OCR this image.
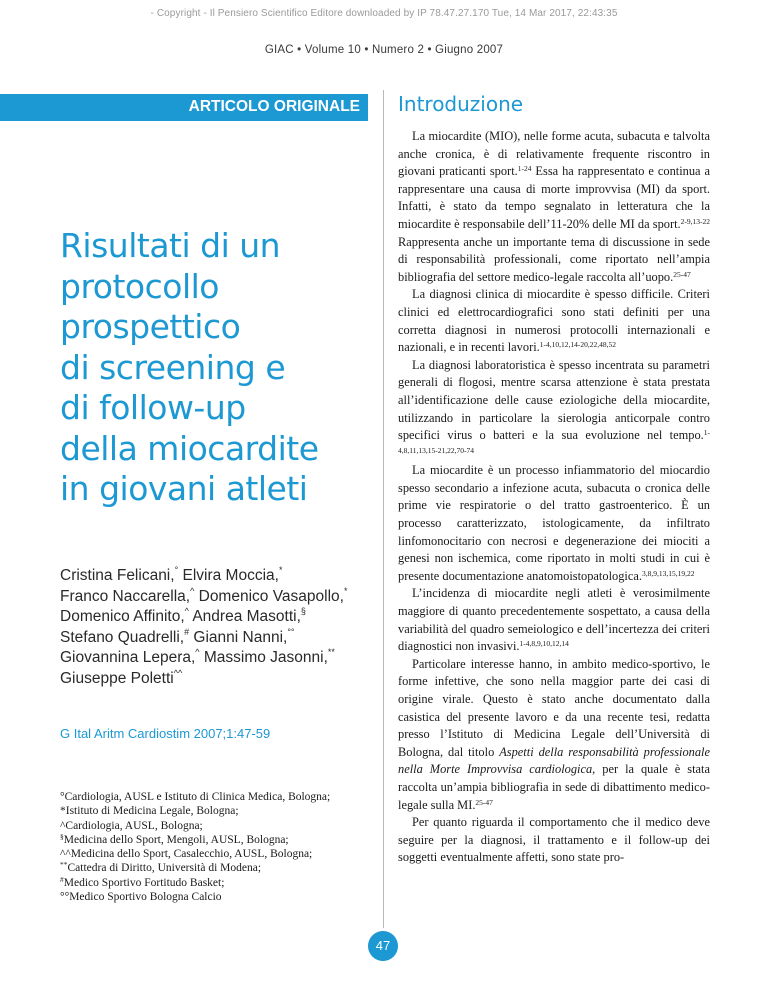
- Copyright - Il Pensiero Scientifico Editore downloaded by IP 78.47.27.170 Tue, 14 Mar 2017, 22:43:35
GIAC • Volume 10 • Numero 2 • Giugno 2007
ARTICOLO ORIGINALE
Risultati di un
protocollo
prospettico
di screening e
di follow-up
della miocardite
in giovani atleti
Cristina Felicani,° Elvira Moccia,*
Franco Naccarella,^ Domenico Vasapollo,*
Domenico Affinito,^ Andrea Masotti,§
Stefano Quadrelli,# Gianni Nanni,°°
Giovannina Lepera,^ Massimo Jasonni,**
Giuseppe Poletti^^
G Ital Aritm Cardiostim 2007;1:47-59
°Cardiologia, AUSL e Istituto di Clinica Medica, Bologna;
*Istituto di Medicina Legale, Bologna;
^Cardiologia, AUSL, Bologna;
§Medicina dello Sport, Mengoli, AUSL, Bologna;
^^Medicina dello Sport, Casalecchio, AUSL, Bologna;
**Cattedra di Diritto, Università di Modena;
#Medico Sportivo Fortitudo Basket;
°°Medico Sportivo Bologna Calcio
Introduzione

La miocardite (MIO), nelle forme acuta, subacuta e talvolta anche cronica, è di relativamente frequente riscontro in giovani praticanti sport.$^{1-24}$ Essa ha rappresentato e continua a rappresentare una causa di morte improvvisa (MI) da sport. Infatti, è stato da tempo segnalato in letteratura che la miocardite è responsabile dell’11-20% delle MI da sport.$^{2-9,13-22}$ Rappresenta anche un importante tema di discussione in sede di responsabilità professionali, come riportato nell’ampia bibliografia del settore medico-legale raccolta all’uopo.$^{25-47}$

La diagnosi clinica di miocardite è spesso difficile. Criteri clinici ed elettrocardiografici sono stati definiti per una corretta diagnosi in numerosi protocolli internazionali e nazionali, e in recenti lavori.$^{1-4,10,12,14-20,22,48,52}$

La diagnosi laboratoristica è spesso incentrata su parametri generali di flogosi, mentre scarsa attenzione è stata prestata all’identificazione delle cause eziologiche della miocardite, utilizzando in particolare la sierologia anticorpale contro specifici virus o batteri e la sua evoluzione nel tempo.$^{1-4,8,11,13,15-21,22,70-74}$

La miocardite è un processo infiammatorio del miocardio spesso secondario a infezione acuta, subacuta o cronica delle prime vie respiratorie o del tratto gastroenterico. È un processo caratterizzato, istologicamente, da infiltrato linfomonocitario con necrosi e degenerazione dei miociti a genesi non ischemica, come riportato in molti studi in cui è presente documentazione anatomoistopatologica.$^{3,8,9,13,15,19,22}$

L’incidenza di miocardite negli atleti è verosimilmente maggiore di quanto precedentemente sospettato, a causa della variabilità del quadro semeiologico e dell’incertezza dei criteri diagnostici non invasivi.$^{1-4,8,9,10,12,14}$

Particolare interesse hanno, in ambito medico-sportivo, le forme infettive, che sono nella maggior parte dei casi di origine virale. Questo è stato anche documentato dalla casistica del presente lavoro e da una recente tesi, redatta presso l’Istituto di Medicina Legale dell’Università di Bologna, dal titolo Aspetti della responsabilità professionale nella Morte Improvvisa cardiologica, per la quale è stata raccolta un’ampia bibliografia in sede di dibattimento medico-legale sulla MI.$^{25-47}$

Per quanto riguarda il comportamento che il medico deve seguire per la diagnosi, il trattamento e il follow-up dei soggetti eventualmente affetti, sono state pro-

47
